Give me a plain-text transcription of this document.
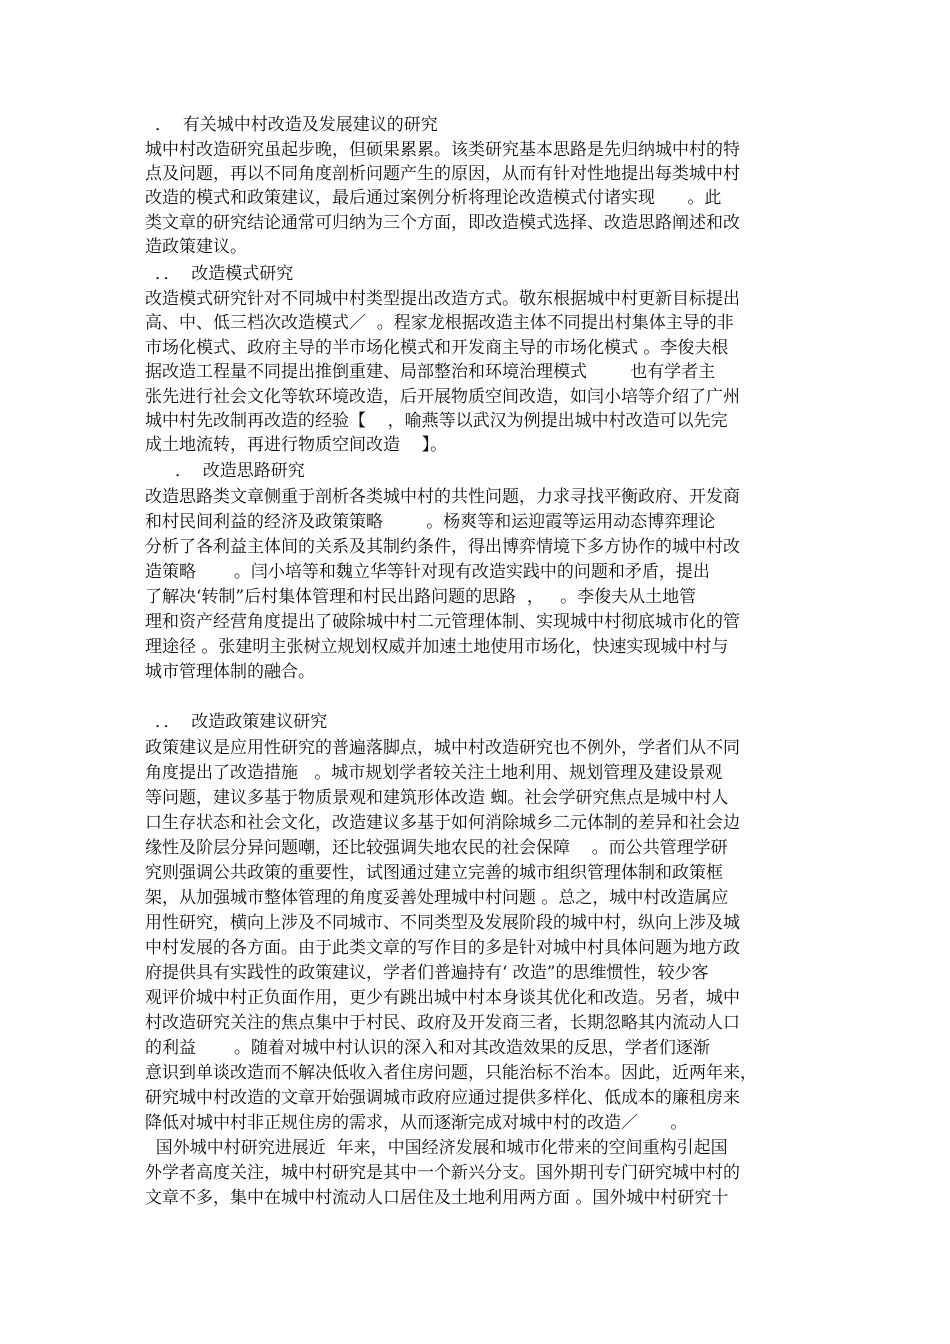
．  有关城中村改造及发展建议的研究
城中村改造研究虽起步晚，但硕果累累。该类研究基本思路是先归纳城中村的特
点及问题，再以不同角度剖析问题产生的原因，从而有针对性地提出每类城中村
改造的模式和政策建议，最后通过案例分析将理论改造模式付诸实现      。此
类文章的研究结论通常可归纳为三个方面，即改造模式选择、改造思路阐述和改
造政策建议。
．．  改造模式研究
改造模式研究针对不同城中村类型提出改造方式。敬东根据城中村更新目标提出
高、中、低三档次改造模式／  。程家龙根据改造主体不同提出村集体主导的非
市场化模式、政府主导的半市场化模式和开发商主导的市场化模式 。李俊夫根
据改造工程量不同提出推倒重建、局部整治和环境治理模式        也有学者主
张先进行社会文化等软环境改造，后开展物质空间改造，如闫小培等介绍了广州
城中村先改制再改造的经验【    ，喻燕等以武汉为例提出城中村改造可以先完
成土地流转，再进行物质空间改造    】。
．  改造思路研究
改造思路类文章侧重于剖析各类城中村的共性问题，力求寻找平衡政府、开发商
和村民间利益的经济及政策策略        。杨爽等和运迎霞等运用动态博弈理论
分析了各利益主体间的关系及其制约条件，得出博弈情境下多方协作的城中村改
造策略       。闫小培等和魏立华等针对现有改造实践中的问题和矛盾，提出
了解决‘转制”后村集体管理和村民出路问题的思路  ，   。李俊夫从土地管
理和资产经营角度提出了破除城中村二元管理体制、实现城中村彻底城市化的管
理途径 。张建明主张树立规划权威并加速土地使用市场化，快速实现城中村与
城市管理体制的融合。
．．  改造政策建议研究
政策建议是应用性研究的普遍落脚点，城中村改造研究也不例外，学者们从不同
角度提出了改造措施   。城市规划学者较关注土地利用、规划管理及建设景观
等问题，建议多基于物质景观和建筑形体改造 蜘。社会学研究焦点是城中村人
口生存状态和社会文化，改造建议多基于如何消除城乡二元体制的差异和社会边
缘性及阶层分异问题嘲，还比较强调失地农民的社会保障    。而公共管理学研
究则强调公共政策的重要性，试图通过建立完善的城市组织管理体制和政策框
架，从加强城市整体管理的角度妥善处理城中村问题 。总之，城中村改造属应
用性研究，横向上涉及不同城市、不同类型及发展阶段的城中村，纵向上涉及城
中村发展的各方面。由于此类文章的写作目的多是针对城中村具体问题为地方政
府提供具有实践性的政策建议，学者们普遍持有‘ 改造”的思维惯性，较少客
观评价城中村正负面作用，更少有跳出城中村本身谈其优化和改造。另者，城中
村改造研究关注的焦点集中于村民、政府及开发商三者，长期忽略其内流动人口
的利益       。随着对城中村认识的深入和对其改造效果的反思，学者们逐渐
意识到单谈改造而不解决低收入者住房问题，只能治标不治本。因此，近两年来，
研究城中村改造的文章开始强调城市政府应通过提供多样化、低成本的廉租房来
降低对城中村非正规住房的需求，从而逐渐完成对城中村的改造／      。
国外城中村研究进展近  年来，中国经济发展和城市化带来的空间重构引起国
外学者高度关注，城中村研究是其中一个新兴分支。国外期刊专门研究城中村的
文章不多，集中在城中村流动人口居住及土地利用两方面 。国外城中村研究十
